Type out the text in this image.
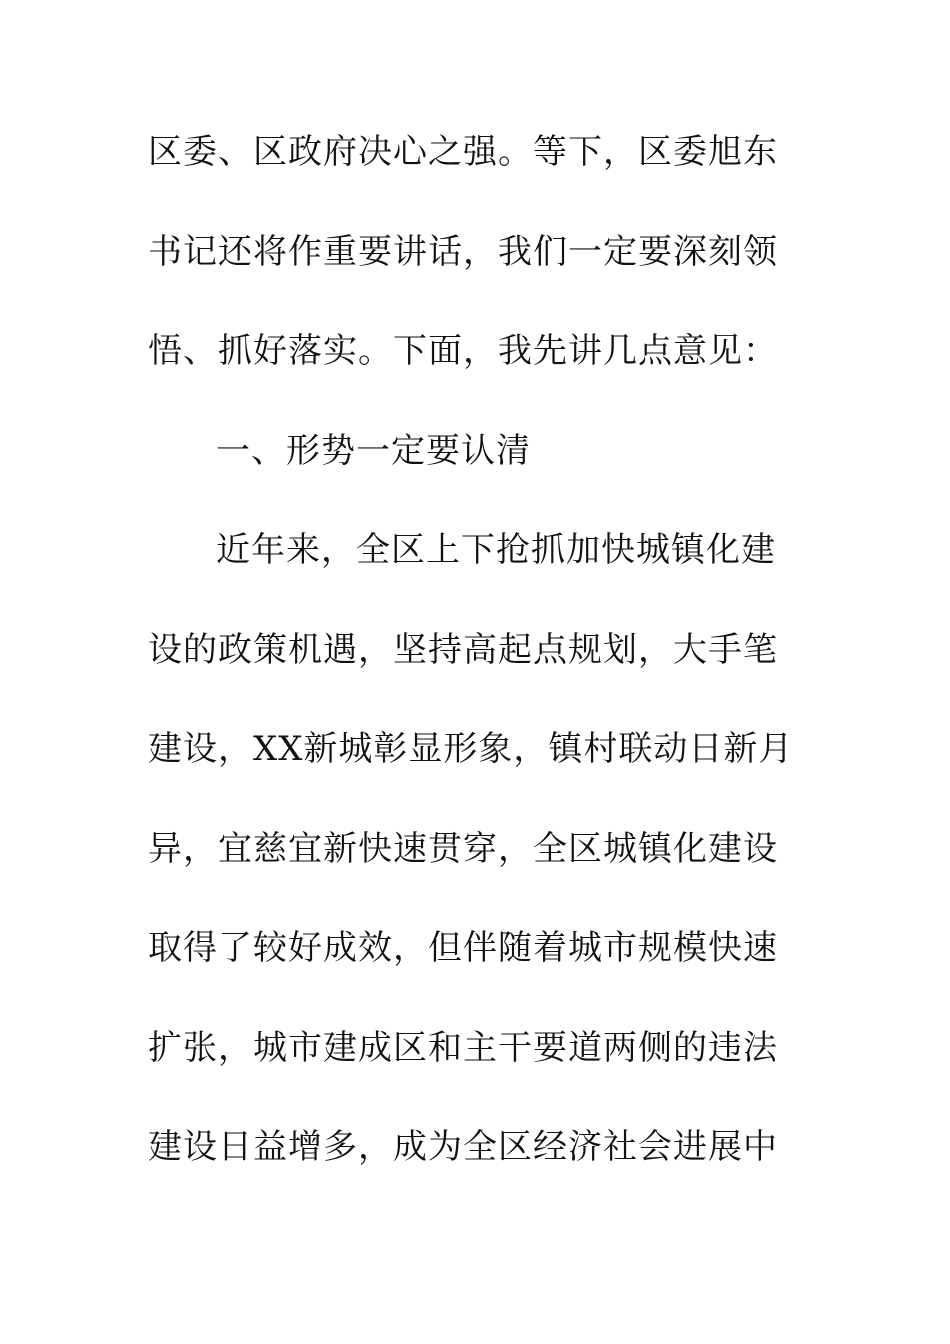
区委、区政府决心之强。等下，区委旭东
书记还将作重要讲话，我们一定要深刻领
悟、抓好落实。下面，我先讲几点意见：
一、形势一定要认清
近年来，全区上下抢抓加快城镇化建
设的政策机遇，坚持高起点规划，大手笔
建设，XX新城彰显形象，镇村联动日新月
异，宜慈宜新快速贯穿，全区城镇化建设
取得了较好成效，但伴随着城市规模快速
扩张，城市建成区和主干要道两侧的违法
建设日益增多，成为全区经济社会进展中
